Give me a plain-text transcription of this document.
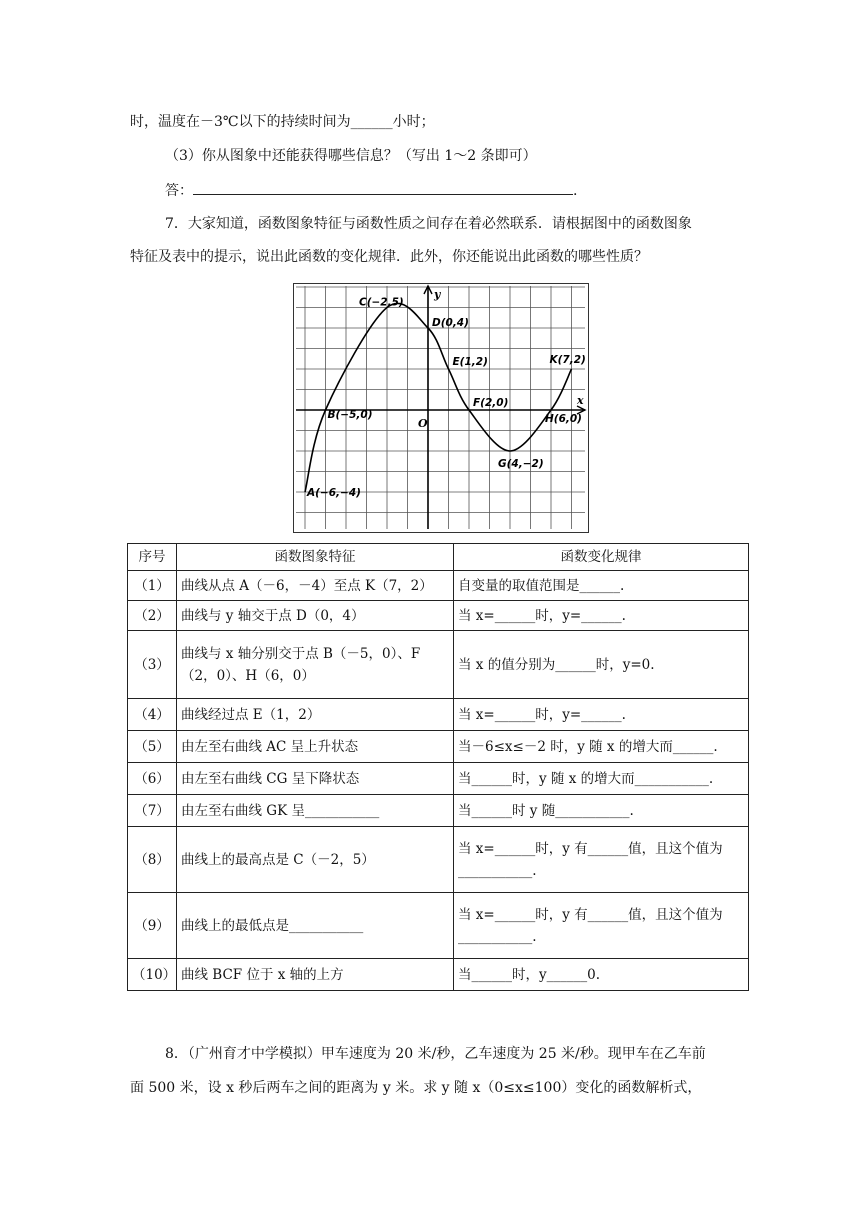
时，温度在－3℃以下的持续时间为______小时；
（3）你从图象中还能获得哪些信息？（写出 1～2 条即可）
答：	.
7．大家知道，函数图象特征与函数性质之间存在着必然联系．请根据图中的函数图象
特征及表中的提示，说出此函数的变化规律．此外，你还能说出此函数的哪些性质？
y
x
O
A(−6,−4)
B(−5,0)
C(−2,5)
D(0,4)
E(1,2)
F(2,0)
G(4,−2)
H(6,0)
K(7,2)
序号	函数图象特征	函数变化规律
（1）	曲线从点 A（－6，－4）至点 K（7，2）	自变量的取值范围是______.
（2）	曲线与 y 轴交于点 D（0，4）	当 x=______时，y=______.
（3）	曲线与 x 轴分别交于点 B（－5，0）、F（2，0）、H（6，0）	当 x 的值分别为______时，y=0.
（4）	曲线经过点 E（1，2）	当 x=______时，y=______.
（5）	由左至右曲线 AC 呈上升状态	当－6≤x≤－2 时，y 随 x 的增大而______.
（6）	由左至右曲线 CG 呈下降状态	当______时，y 随 x 的增大而___________.
（7）	由左至右曲线 GK 呈___________	当______时 y 随___________.
（8）	曲线上的最高点是 C（－2，5）	当 x=______时，y 有______值，且这个值为___________.
（9）	曲线上的最低点是___________	当 x=______时，y 有______值，且这个值为___________.
（10）	曲线 BCF 位于 x 轴的上方	当______时，y______0.
8．（广州育才中学模拟）甲车速度为 20 米/秒，乙车速度为 25 米/秒。现甲车在乙车前
面 500 米，设 x 秒后两车之间的距离为 y 米。求 y 随 x（0≤x≤100）变化的函数解析式，
